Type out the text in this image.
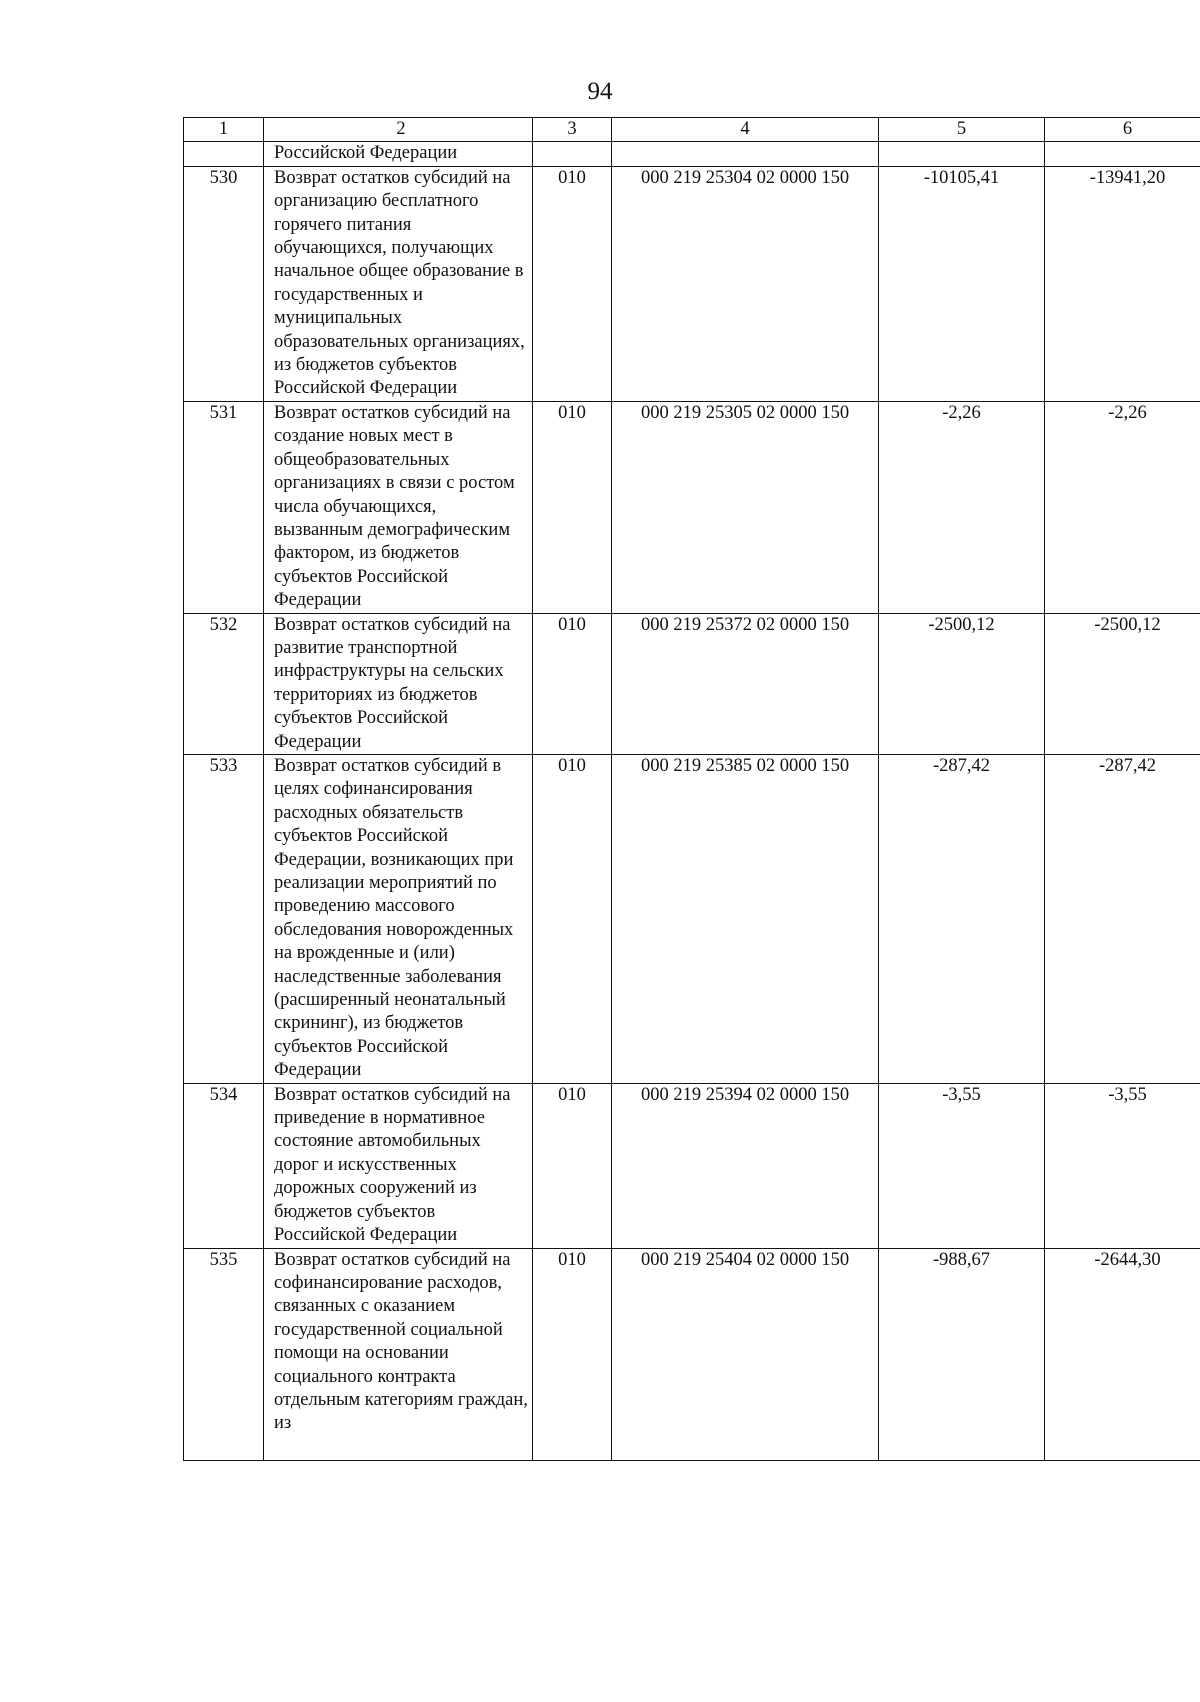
94
1	2	3	4	5	6
	Российской Федерации				
530	Возврат остатков субсидий на организацию бесплатного горячего питания обучающихся, получающих начальное общее образование в государственных и муниципальных образовательных организациях, из бюджетов субъектов Российской Федерации	010	000 219 25304 02 0000 150	-10105,41	-13941,20
531	Возврат остатков субсидий на создание новых мест в общеобразовательных организациях в связи с ростом числа обучающихся, вызванным демографическим фактором, из бюджетов субъектов Российской Федерации	010	000 219 25305 02 0000 150	-2,26	-2,26
532	Возврат остатков субсидий на развитие транспортной инфраструктуры на сельских территориях из бюджетов субъектов Российской Федерации	010	000 219 25372 02 0000 150	-2500,12	-2500,12
533	Возврат остатков субсидий в целях софинансирования расходных обязательств субъектов Российской Федерации, возникающих при реализации мероприятий по проведению массового обследования новорожденных на врожденные и (или) наследственные заболевания (расширенный неонатальный скрининг), из бюджетов субъектов Российской Федерации	010	000 219 25385 02 0000 150	-287,42	-287,42
534	Возврат остатков субсидий на приведение в нормативное состояние автомобильных дорог и искусственных дорожных сооружений из бюджетов субъектов Российской Федерации	010	000 219 25394 02 0000 150	-3,55	-3,55
535	Возврат остатков субсидий на софинансирование расходов, связанных с оказанием государственной социальной помощи на основании социального контракта отдельным категориям граждан, из	010	000 219 25404 02 0000 150	-988,67	-2644,30
